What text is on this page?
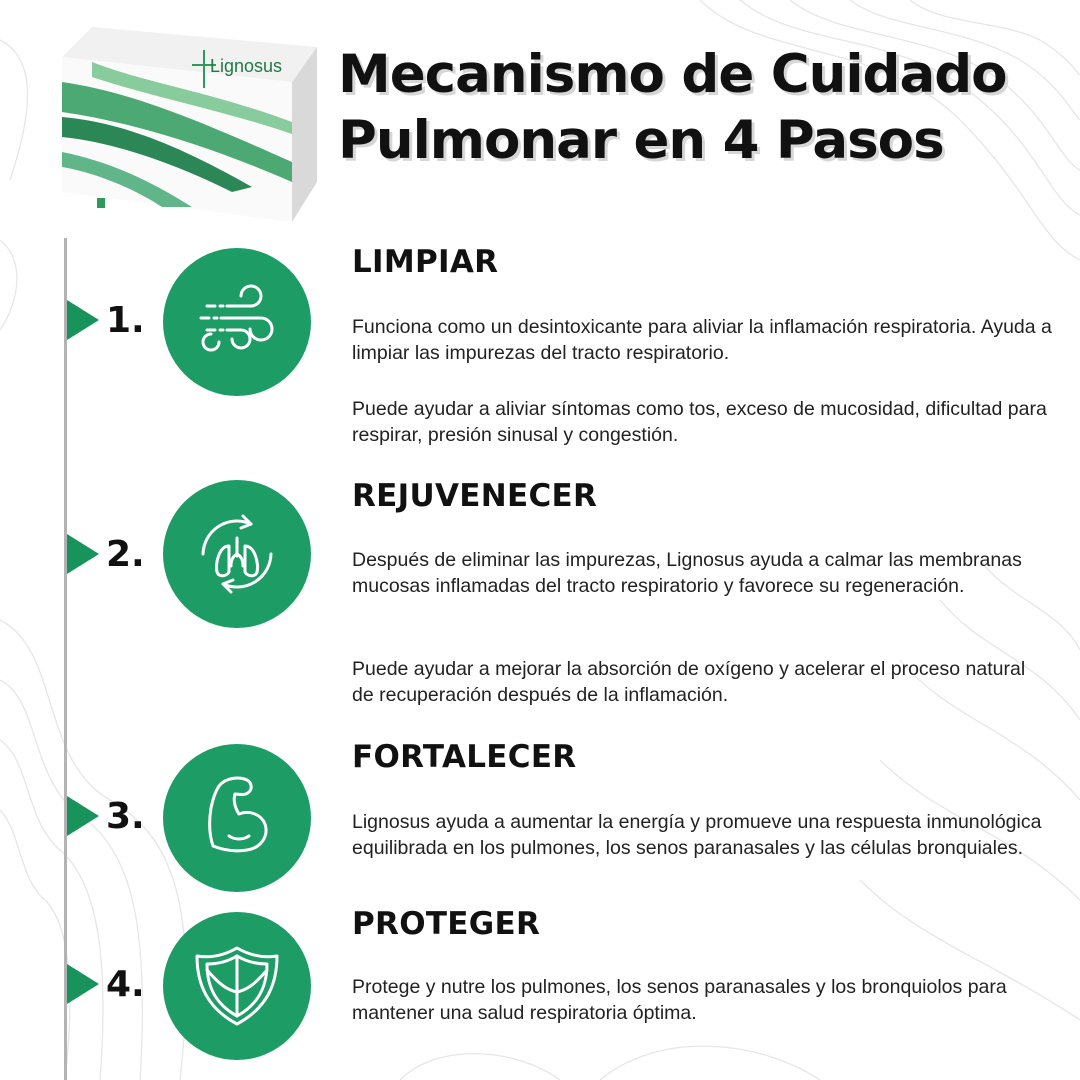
Lignosus Mecanismo de Cuidado
Pulmonar en 4 Pasos
1.
LIMPIAR
Funciona como un desintoxicante para aliviar la inflamación respiratoria. Ayuda a limpiar las impurezas del tracto respiratorio.
Puede ayudar a aliviar síntomas como tos, exceso de mucosidad, dificultad para respirar, presión sinusal y congestión.
2.
REJUVENECER
Después de eliminar las impurezas, Lignosus ayuda a calmar las membranas mucosas inflamadas del tracto respiratorio y favorece su regeneración.
Puede ayudar a mejorar la absorción de oxígeno y acelerar el proceso natural de recuperación después de la inflamación.
3.
FORTALECER
Lignosus ayuda a aumentar la energía y promueve una respuesta inmunológica equilibrada en los pulmones, los senos paranasales y las células bronquiales.
4.
PROTEGER
Protege y nutre los pulmones, los senos paranasales y los bronquiolos para mantener una salud respiratoria óptima.
